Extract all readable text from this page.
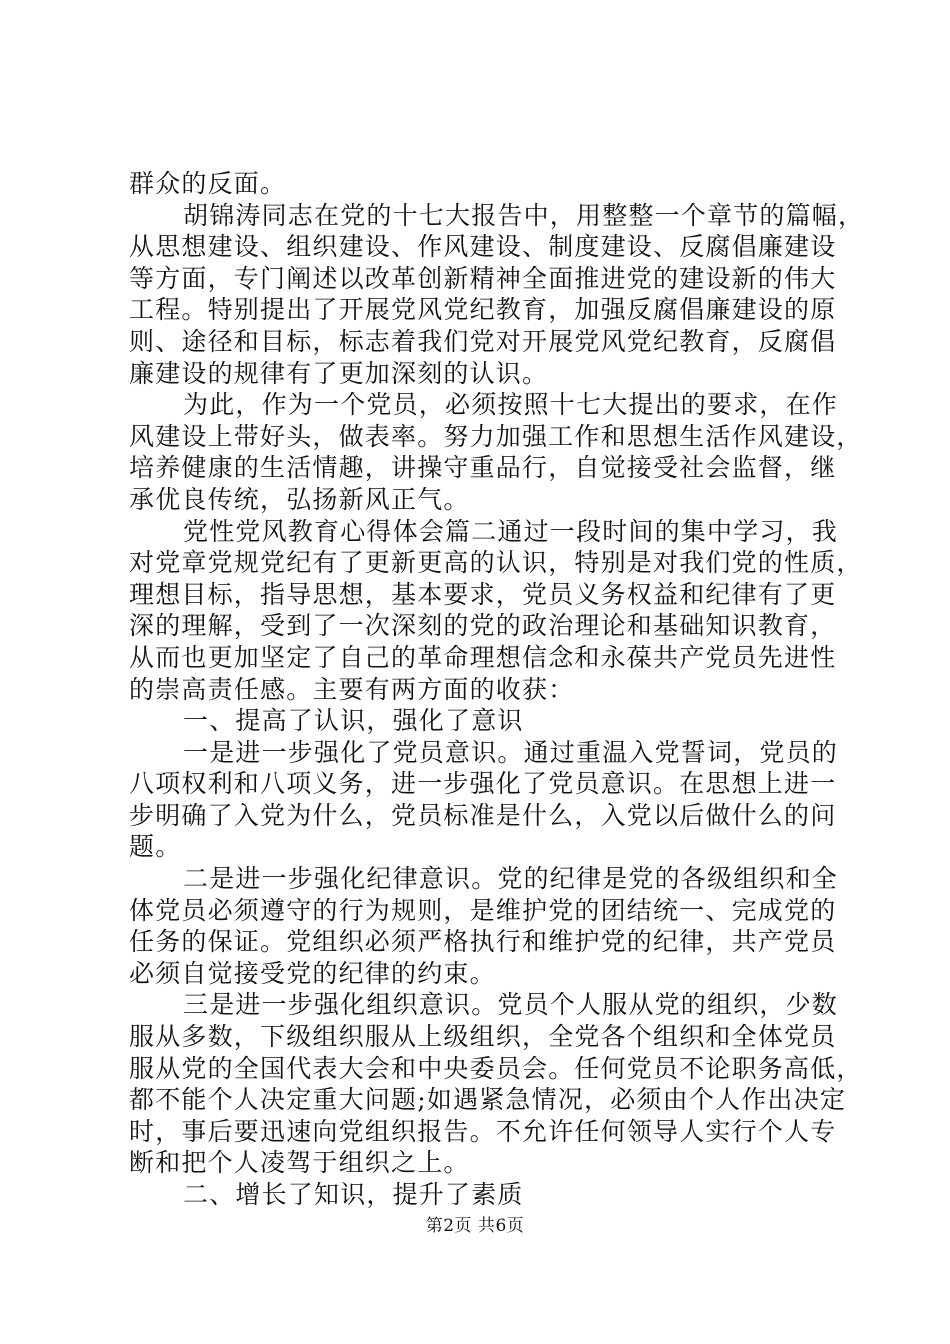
群众的反面。
胡锦涛同志在党的十七大报告中，用整整一个章节的篇幅，
从思想建设、组织建设、作风建设、制度建设、反腐倡廉建设
等方面，专门阐述以改革创新精神全面推进党的建设新的伟大
工程。特别提出了开展党风党纪教育，加强反腐倡廉建设的原
则、途径和目标，标志着我们党对开展党风党纪教育，反腐倡
廉建设的规律有了更加深刻的认识。
为此，作为一个党员，必须按照十七大提出的要求，在作
风建设上带好头，做表率。努力加强工作和思想生活作风建设，
培养健康的生活情趣，讲操守重品行，自觉接受社会监督，继
承优良传统，弘扬新风正气。
党性党风教育心得体会篇二通过一段时间的集中学习，我
对党章党规党纪有了更新更高的认识，特别是对我们党的性质，
理想目标，指导思想，基本要求，党员义务权益和纪律有了更
深的理解，受到了一次深刻的党的政治理论和基础知识教育，
从而也更加坚定了自己的革命理想信念和永葆共产党员先进性
的崇高责任感。主要有两方面的收获：
一、提高了认识，强化了意识
一是进一步强化了党员意识。通过重温入党誓词，党员的
八项权利和八项义务，进一步强化了党员意识。在思想上进一
步明确了入党为什么，党员标准是什么，入党以后做什么的问
题。
二是进一步强化纪律意识。党的纪律是党的各级组织和全
体党员必须遵守的行为规则，是维护党的团结统一、完成党的
任务的保证。党组织必须严格执行和维护党的纪律，共产党员
必须自觉接受党的纪律的约束。
三是进一步强化组织意识。党员个人服从党的组织，少数
服从多数，下级组织服从上级组织，全党各个组织和全体党员
服从党的全国代表大会和中央委员会。任何党员不论职务高低，
都不能个人决定重大问题;如遇紧急情况，必须由个人作出决定
时，事后要迅速向党组织报告。不允许任何领导人实行个人专
断和把个人凌驾于组织之上。
二、增长了知识，提升了素质
第2页 共6页
